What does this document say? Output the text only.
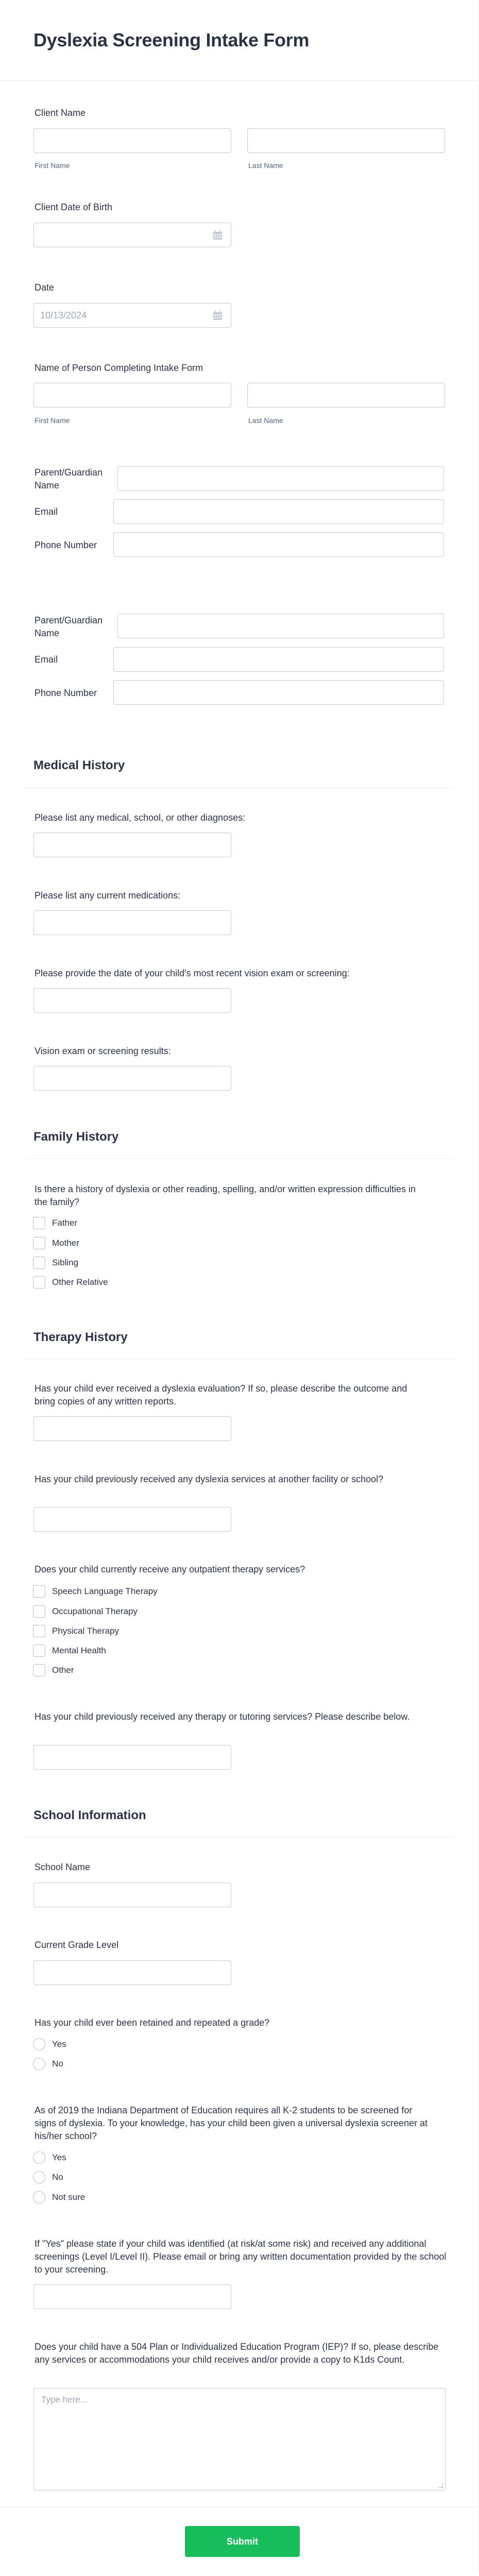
Dyslexia Screening Intake Form
Client Name
First Name	Last Name
Client Date of Birth
Date
10/13/2024
Name of Person Completing Intake Form
First Name	Last Name
Parent/Guardian Name
Email
Phone Number
Parent/Guardian Name
Email
Phone Number
Medical History
Please list any medical, school, or other diagnoses:
Please list any current medications:
Please provide the date of your child's most recent vision exam or screening:
Vision exam or screening results:
Family History
Is there a history of dyslexia or other reading, spelling, and/or written expression difficulties in the family?
Father
Mother
Sibling
Other Relative
Therapy History
Has your child ever received a dyslexia evaluation? If so, please describe the outcome and bring copies of any written reports.
Has your child previously received any dyslexia services at another facility or school?
Does your child currently receive any outpatient therapy services?
Speech Language Therapy
Occupational Therapy
Physical Therapy
Mental Health
Other
Has your child previously received any therapy or tutoring services? Please describe below.
School Information
School Name
Current Grade Level
Has your child ever been retained and repeated a grade?
Yes
No
As of 2019 the Indiana Department of Education requires all K-2 students to be screened for signs of dyslexia. To your knowledge, has your child been given a universal dyslexia screener at his/her school?
Yes
No
Not sure
If "Yes" please state if your child was identified (at risk/at some risk) and received any additional screenings (Level I/Level II). Please email or bring any written documentation provided by the school to your screening.
Does your child have a 504 Plan or Individualized Education Program (IEP)? If so, please describe any services or accommodations your child receives and/or provide a copy to K1ds Count.
Type here...
Submit
